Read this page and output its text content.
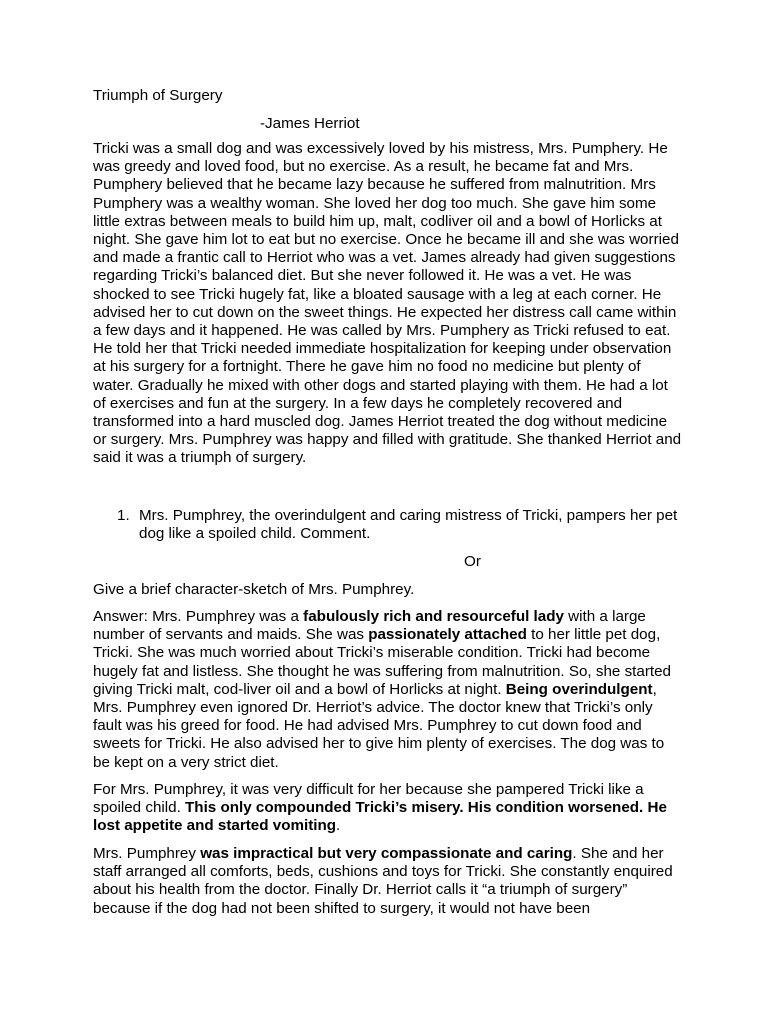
Triumph of Surgery

-James Herriot

Tricki was a small dog and was excessively loved by his mistress, Mrs. Pumphery. He was greedy and loved food, but no exercise. As a result, he became fat and Mrs. Pumphery believed that he became lazy because he suffered from malnutrition. Mrs Pumphery was a wealthy woman. She loved her dog too much. She gave him some little extras between meals to build him up, malt, codliver oil and a bowl of Horlicks at night. She gave him lot to eat but no exercise. Once he became ill and she was worried and made a frantic call to Herriot who was a vet. James already had given suggestions regarding Tricki’s balanced diet. But she never followed it. He was a vet. He was shocked to see Tricki hugely fat, like a bloated sausage with a leg at each corner. He advised her to cut down on the sweet things. He expected her distress call came within a few days and it happened. He was called by Mrs. Pumphery as Tricki refused to eat. He told her that Tricki needed immediate hospitalization for keeping under observation at his surgery for a fortnight. There he gave him no food no medicine but plenty of water. Gradually he mixed with other dogs and started playing with them. He had a lot of exercises and fun at the surgery. In a few days he completely recovered and transformed into a hard muscled dog. James Herriot treated the dog without medicine or surgery. Mrs. Pumphrey was happy and filled with gratitude. She thanked Herriot and said it was a triumph of surgery.

1. Mrs. Pumphrey, the overindulgent and caring mistress of Tricki, pampers her pet dog like a spoiled child. Comment.

Or

Give a brief character-sketch of Mrs. Pumphrey.

Answer: Mrs. Pumphrey was a fabulously rich and resourceful lady with a large number of servants and maids. She was passionately attached to her little pet dog, Tricki. She was much worried about Tricki’s miserable condition. Tricki had become hugely fat and listless. She thought he was suffering from malnutrition. So, she started giving Tricki malt, cod-liver oil and a bowl of Horlicks at night. Being overindulgent, Mrs. Pumphrey even ignored Dr. Herriot’s advice. The doctor knew that Tricki’s only fault was his greed for food. He had advised Mrs. Pumphrey to cut down food and sweets for Tricki. He also advised her to give him plenty of exercises. The dog was to be kept on a very strict diet.

For Mrs. Pumphrey, it was very difficult for her because she pampered Tricki like a spoiled child. This only compounded Tricki’s misery. His condition worsened. He lost appetite and started vomiting.

Mrs. Pumphrey was impractical but very compassionate and caring. She and her staff arranged all comforts, beds, cushions and toys for Tricki. She constantly enquired about his health from the doctor. Finally Dr. Herriot calls it “a triumph of surgery” because if the dog had not been shifted to surgery, it would not have been
